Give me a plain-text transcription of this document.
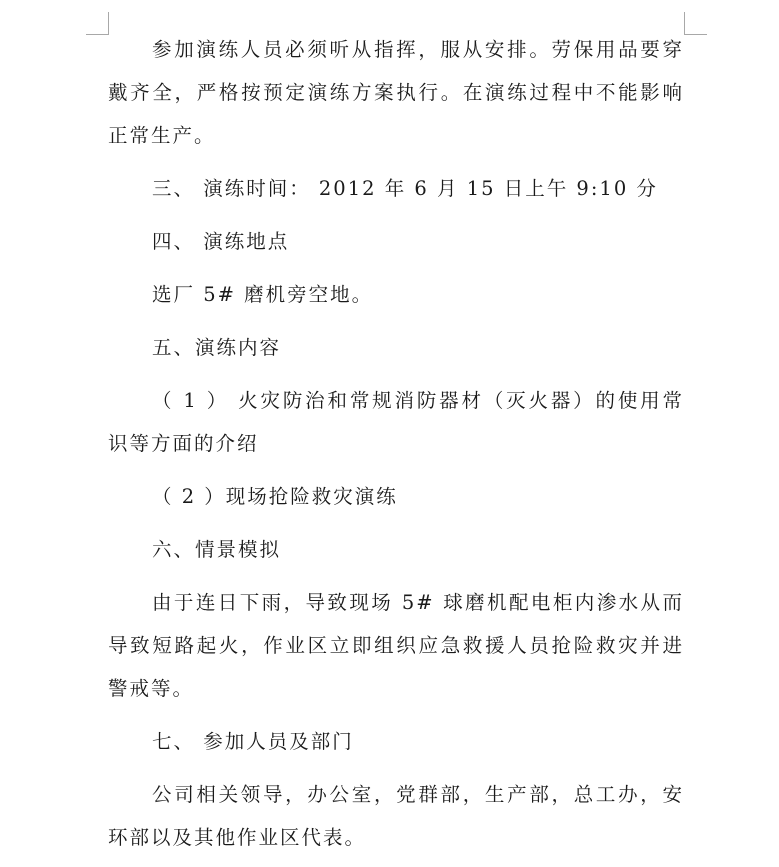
参加演练人员必须听从指挥，服从安排。劳保用品要穿戴齐全，严格按预定演练方案执行。在演练过程中不能影响正常生产。

三、 演练时间： 2012 年 6 月 15 日上午 9:10 分

四、 演练地点

选厂 5# 磨机旁空地。

五、演练内容

（ 1 ） 火灾防治和常规消防器材（灭火器）的使用常识等方面的介绍

（ 2 ）现场抢险救灾演练

六、情景模拟

由于连日下雨，导致现场 5# 球磨机配电柜内渗水从而导致短路起火，作业区立即组织应急救援人员抢险救灾并进警戒等。

七、 参加人员及部门

公司相关领导，办公室，党群部，生产部，总工办，安环部以及其他作业区代表。
